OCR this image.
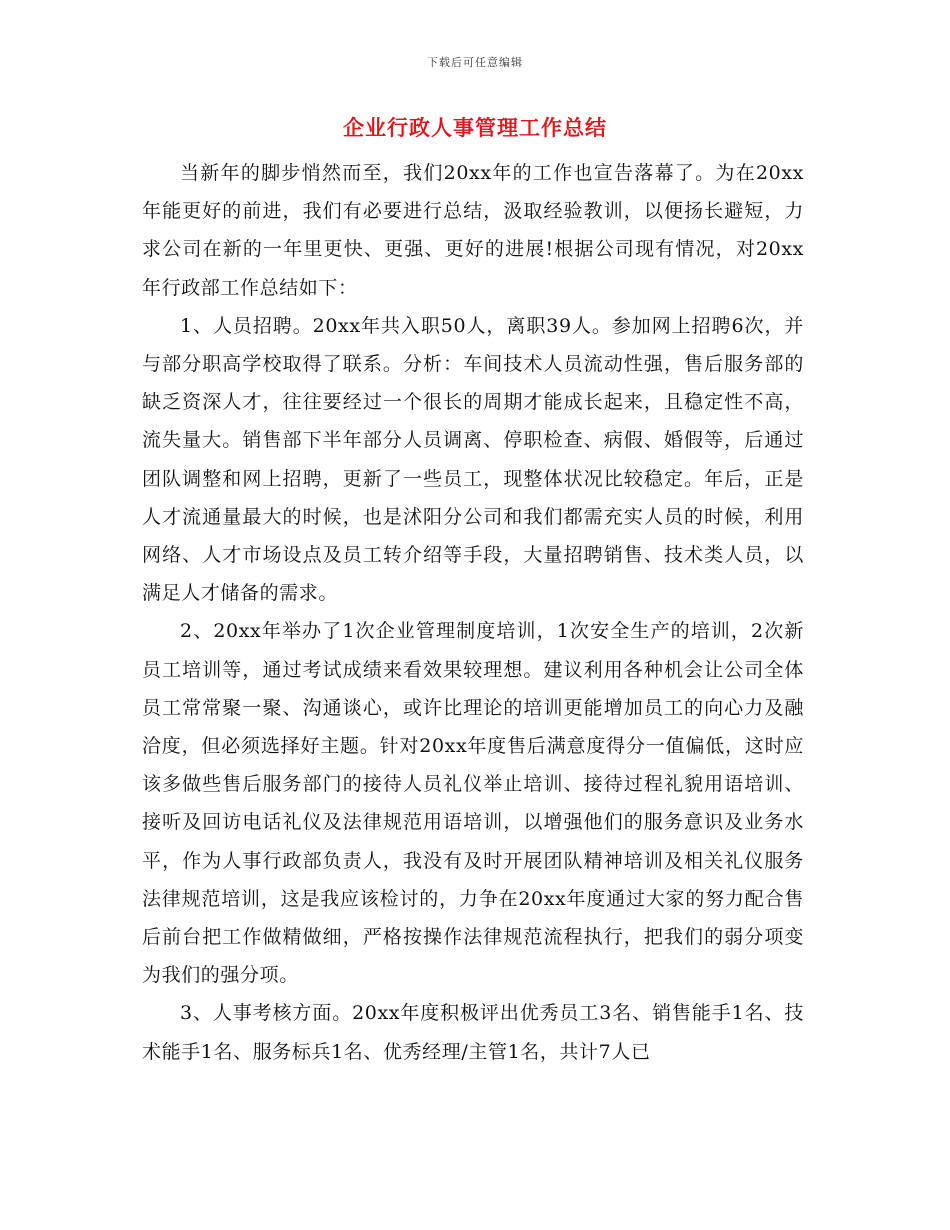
下载后可任意编辑
企业行政人事管理工作总结

当新年的脚步悄然而至，我们20xx年的工作也宣告落幕了。为在20xx年能更好的前进，我们有必要进行总结，汲取经验教训，以便扬长避短，力求公司在新的一年里更快、更强、更好的进展!根据公司现有情况，对20xx年行政部工作总结如下：

1、人员招聘。20xx年共入职50人，离职39人。参加网上招聘6次，并与部分职高学校取得了联系。分析：车间技术人员流动性强，售后服务部的缺乏资深人才，往往要经过一个很长的周期才能成长起来，且稳定性不高，流失量大。销售部下半年部分人员调离、停职检查、病假、婚假等，后通过团队调整和网上招聘，更新了一些员工，现整体状况比较稳定。年后，正是人才流通量最大的时候，也是沭阳分公司和我们都需充实人员的时候，利用网络、人才市场设点及员工转介绍等手段，大量招聘销售、技术类人员，以满足人才储备的需求。

2、20xx年举办了1次企业管理制度培训，1次安全生产的培训，2次新员工培训等，通过考试成绩来看效果较理想。建议利用各种机会让公司全体员工常常聚一聚、沟通谈心，或许比理论的培训更能增加员工的向心力及融洽度，但必须选择好主题。针对20xx年度售后满意度得分一值偏低，这时应该多做些售后服务部门的接待人员礼仪举止培训、接待过程礼貌用语培训、接听及回访电话礼仪及法律规范用语培训，以增强他们的服务意识及业务水平，作为人事行政部负责人，我没有及时开展团队精神培训及相关礼仪服务法律规范培训，这是我应该检讨的，力争在20xx年度通过大家的努力配合售后前台把工作做精做细，严格按操作法律规范流程执行，把我们的弱分项变为我们的强分项。

3、人事考核方面。20xx年度积极评出优秀员工3名、销售能手1名、技术能手1名、服务标兵1名、优秀经理/主管1名，共计7人已
